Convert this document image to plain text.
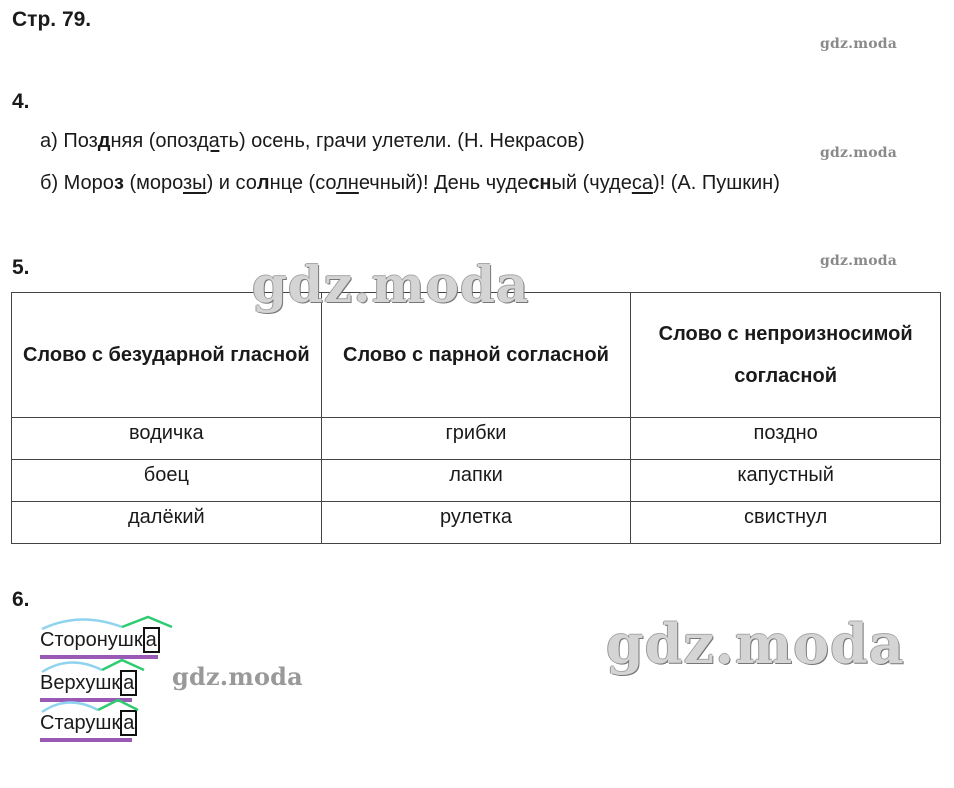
Стр. 79.
gdz.moda
gdz.moda
gdz.moda
4.
а) Поздняя (опоздать) осень, грачи улетели. (Н. Некрасов)
б) Мороз (морозы) и солнце (солнечный)! День чудесный (чудеса)! (А. Пушкин)
5.
Слово с безударной гласной	Слово с парной согласной	Слово с непроизносимой согласной
водичка	грибки	поздно
боец	лапки	капустный
далёкий	рулетка	свистнул
gdz.moda
6.
Сторонушк а
Верхушк а
Старушк а
gdz.moda
gdz.moda
